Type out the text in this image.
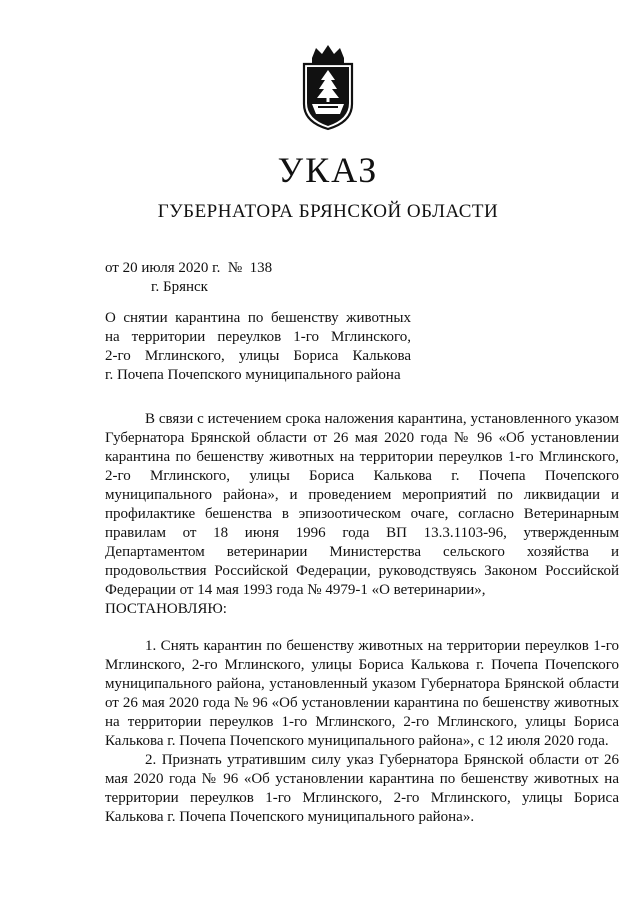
УКАЗ
ГУБЕРНАТОРА БРЯНСКОЙ ОБЛАСТИ
от 20 июля 2020 г.  №  138
г. Брянск
О снятии карантина по бешенству животных
на территории переулков 1-го Мглинского,
2-го Мглинского, улицы Бориса Калькова
г. Почепа Почепского муниципального района

В связи с истечением срока наложения карантина, установленного указом Губернатора Брянской области от 26 мая 2020 года № 96 «Об установлении карантина по бешенству животных на территории переулков 1-го Мглинского, 2-го Мглинского, улицы Бориса Калькова г. Почепа Почепского муниципального района», и проведением мероприятий по ликвидации и профилактике бешенства в эпизоотическом очаге, согласно Ветеринарным правилам от 18 июня 1996 года ВП 13.3.1103-96, утвержденным Департаментом ветеринарии Министерства сельского хозяйства и продовольствия Российской Федерации, руководствуясь Законом Российской Федерации от 14 мая 1993 года № 4979-1 «О ветеринарии»,

ПОСТАНОВЛЯЮ:

1. Снять карантин по бешенству животных на территории переулков 1-го Мглинского, 2-го Мглинского, улицы Бориса Калькова г. Почепа Почепского муниципального района, установленный указом Губернатора Брянской области от 26 мая 2020 года № 96 «Об установлении карантина по бешенству животных на территории переулков 1-го Мглинского, 2-го Мглинского, улицы Бориса Калькова г. Почепа Почепского муниципального района», с 12 июля 2020 года.

2. Признать утратившим силу указ Губернатора Брянской области от 26 мая 2020 года № 96 «Об установлении карантина по бешенству животных на территории переулков 1-го Мглинского, 2-го Мглинского, улицы Бориса Калькова г. Почепа Почепского муниципального района».
